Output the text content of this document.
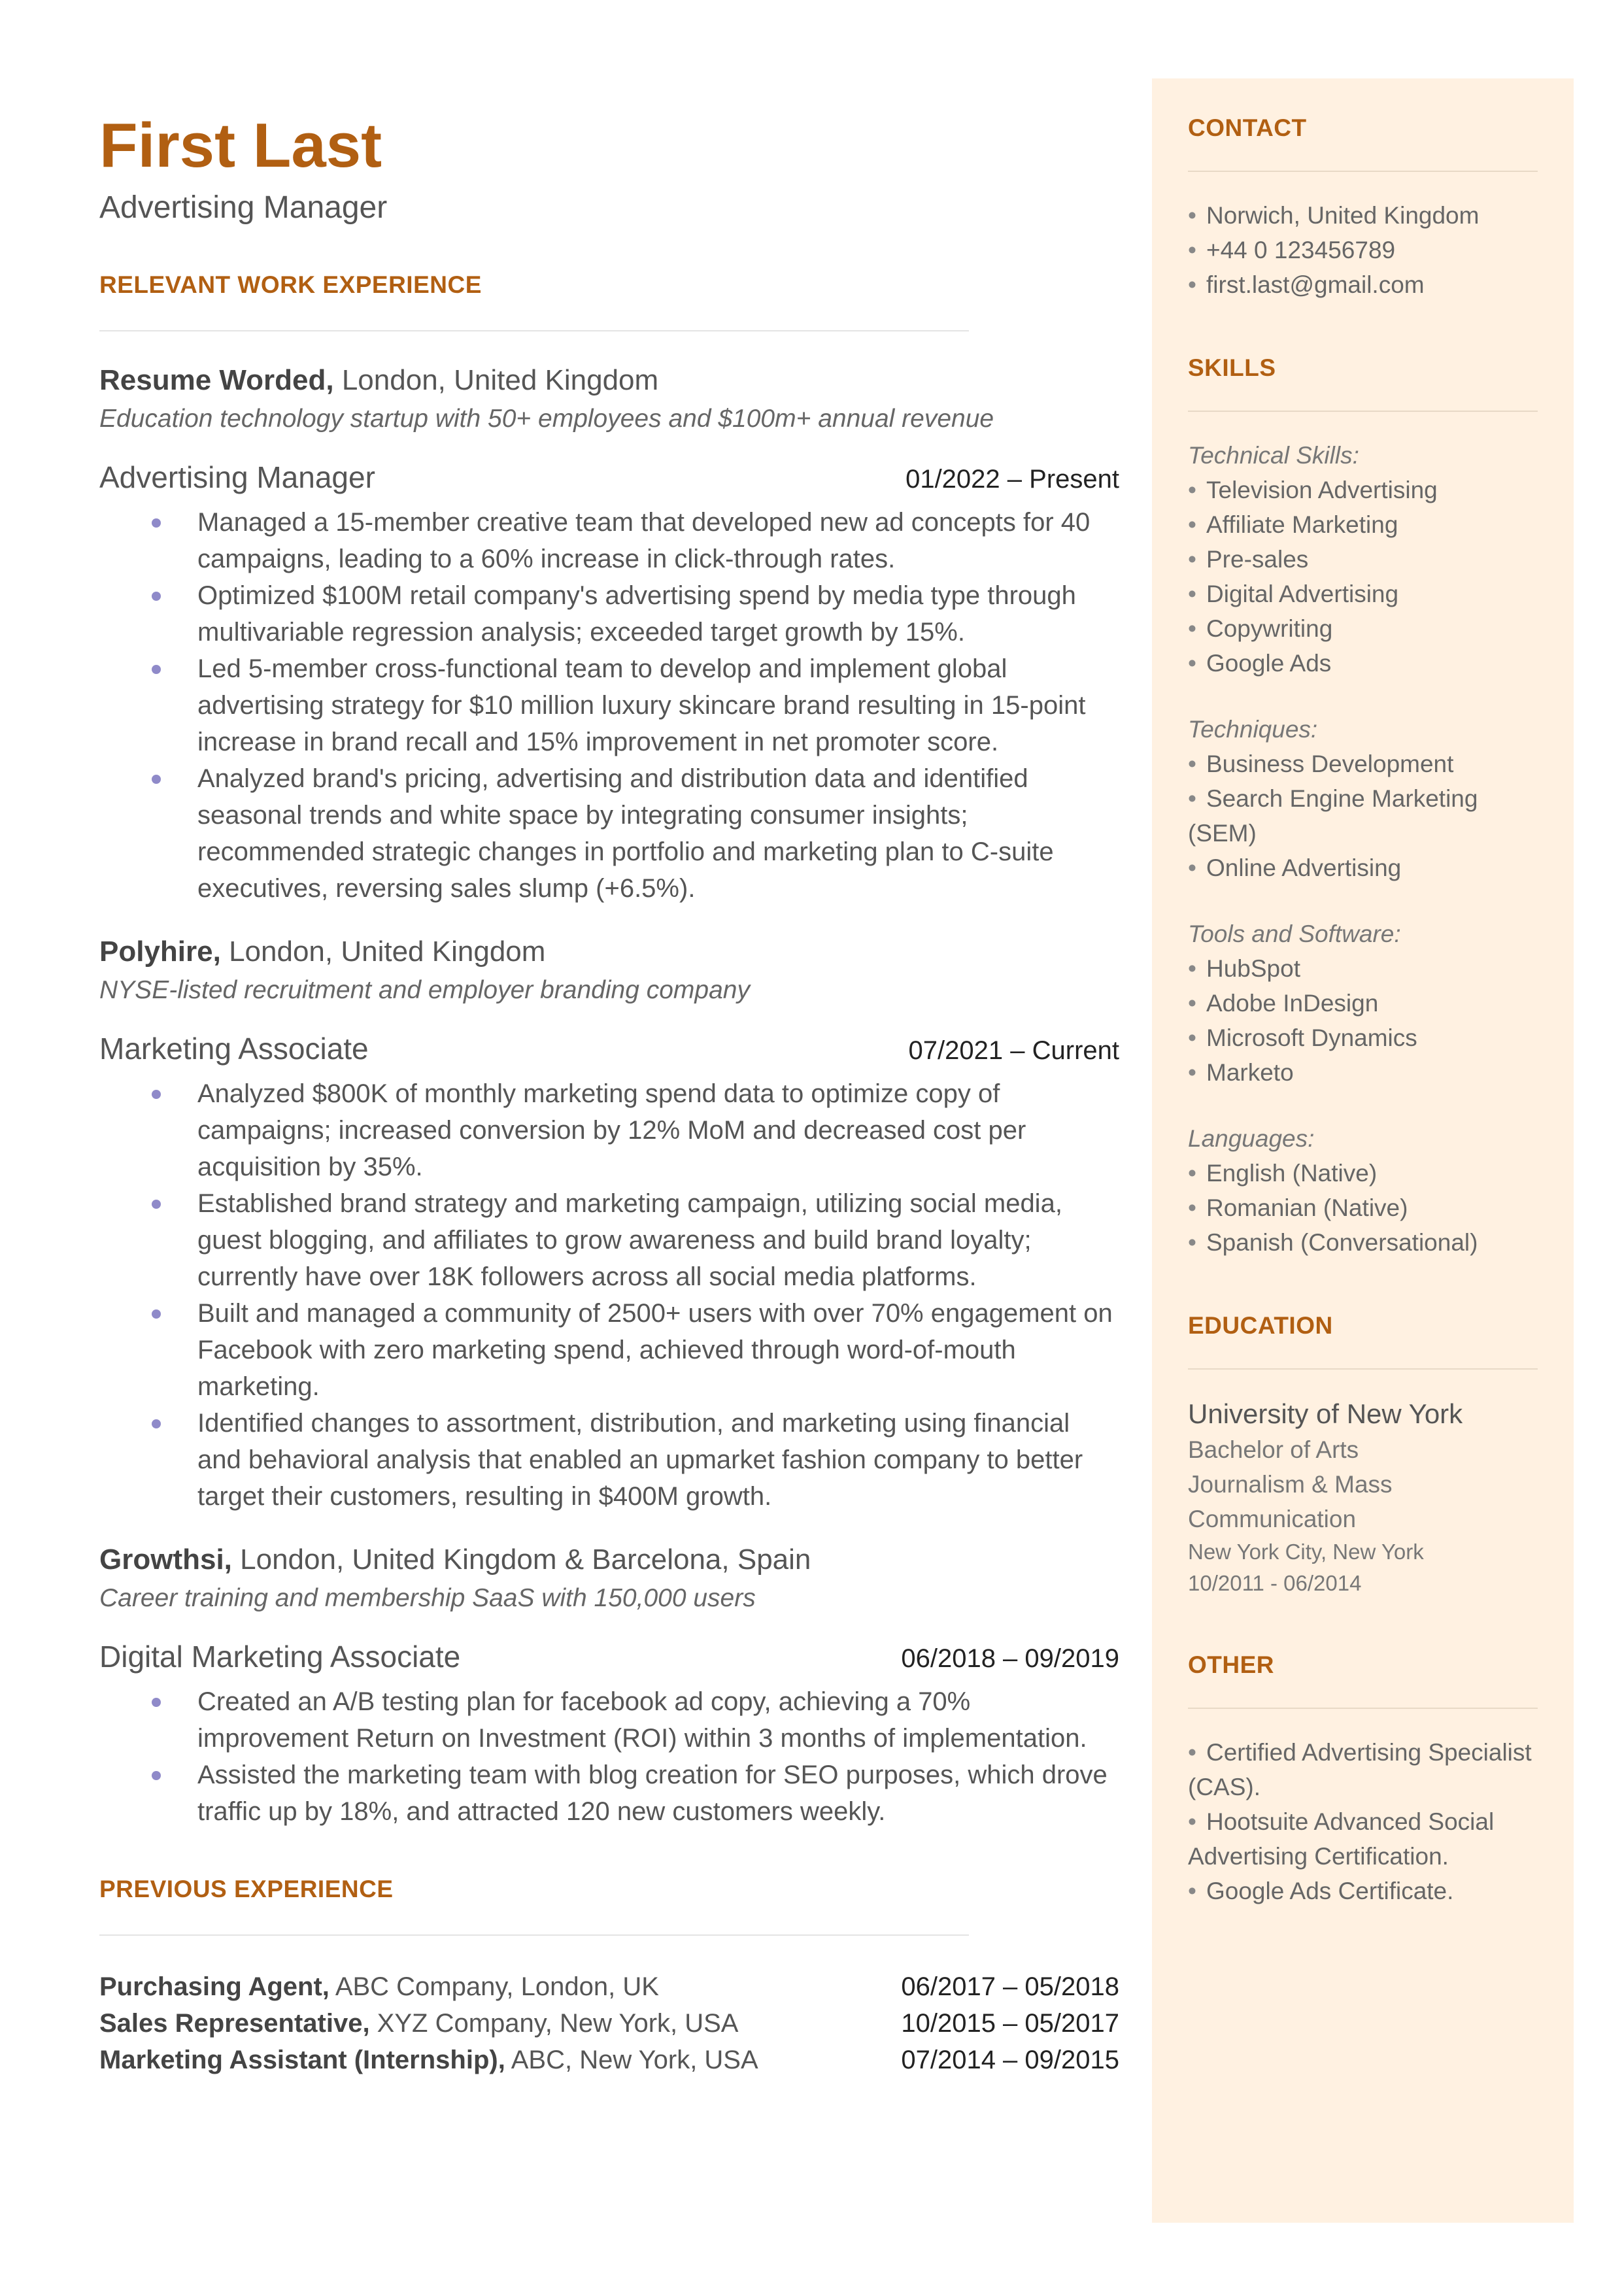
First Last
Advertising Manager
RELEVANT WORK EXPERIENCE
Resume Worded, London, United Kingdom
Education technology startup with 50+ employees and $100m+ annual revenue
Advertising Manager	01/2022 – Present
Managed a 15-member creative team that developed new ad concepts for 40 campaigns, leading to a 60% increase in click-through rates.
Optimized $100M retail company's advertising spend by media type through multivariable regression analysis; exceeded target growth by 15%.
Led 5-member cross-functional team to develop and implement global advertising strategy for $10 million luxury skincare brand resulting in 15-point increase in brand recall and 15% improvement in net promoter score.
Analyzed brand's pricing, advertising and distribution data and identified seasonal trends and white space by integrating consumer insights; recommended strategic changes in portfolio and marketing plan to C-suite executives, reversing sales slump (+6.5%).
Polyhire, London, United Kingdom
NYSE-listed recruitment and employer branding company
Marketing Associate	07/2021 – Current
Analyzed $800K of monthly marketing spend data to optimize copy of campaigns; increased conversion by 12% MoM and decreased cost per acquisition by 35%.
Established brand strategy and marketing campaign, utilizing social media, guest blogging, and affiliates to grow awareness and build brand loyalty; currently have over 18K followers across all social media platforms.
Built and managed a community of 2500+ users with over 70% engagement on Facebook with zero marketing spend, achieved through word-of-mouth marketing.
Identified changes to assortment, distribution, and marketing using financial and behavioral analysis that enabled an upmarket fashion company to better target their customers, resulting in $400M growth.
Growthsi, London, United Kingdom & Barcelona, Spain
Career training and membership SaaS with 150,000 users
Digital Marketing Associate	06/2018 – 09/2019
Created an A/B testing plan for facebook ad copy, achieving a 70% improvement Return on Investment (ROI) within 3 months of implementation.
Assisted the marketing team with blog creation for SEO purposes, which drove traffic up by 18%, and attracted 120 new customers weekly.
PREVIOUS EXPERIENCE
Purchasing Agent, ABC Company, London, UK	06/2017 – 05/2018
Sales Representative, XYZ Company, New York, USA	10/2015 – 05/2017
Marketing Assistant (Internship), ABC, New York, USA	07/2014 – 09/2015
CONTACT
• Norwich, United Kingdom
• +44 0 123456789
• first.last@gmail.com
SKILLS
Technical Skills:
• Television Advertising
• Affiliate Marketing
• Pre-sales
• Digital Advertising
• Copywriting
• Google Ads
Techniques:
• Business Development
• Search Engine Marketing (SEM)
• Online Advertising
Tools and Software:
• HubSpot
• Adobe InDesign
• Microsoft Dynamics
• Marketo
Languages:
• English (Native)
• Romanian (Native)
• Spanish (Conversational)
EDUCATION
University of New York
Bachelor of Arts
Journalism & Mass Communication
New York City, New York
10/2011 - 06/2014
OTHER
• Certified Advertising Specialist (CAS).
• Hootsuite Advanced Social Advertising Certification.
• Google Ads Certificate.
